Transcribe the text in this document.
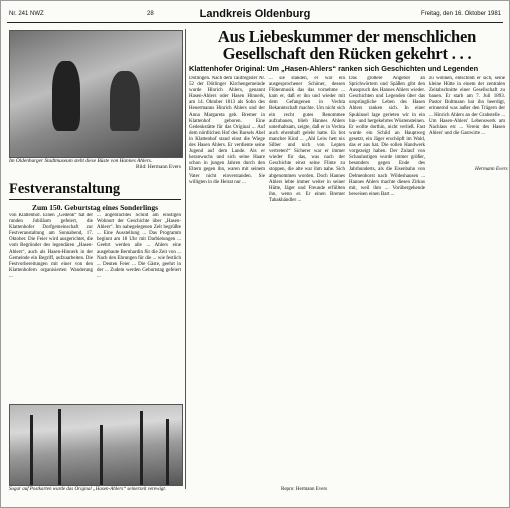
Nr. 241 NWZ	28	Landkreis Oldenburg	Freitag, den 16. Oktober 1981
Im Oldenburger Stadtmuseum steht diese Büste von Hannes Ahlers.
Bild: Hermann Evers
Aus Liebeskummer der menschlichen Gesellschaft den Rücken gekehrt . . .
Klattenhofer Original: Um „Hasen-Ahlers“ ranken sich Geschichten und Legenden
Festveranstaltung
Zum 150. Geburtstag eines Sonderlings
von Klattenhof. Einen „Gedenk“ hat der runden Jubiläum gefeiert, die Klattenhofer Dorfgemeinschaft zur Festveranstaltung am Sonnabend, 17. Oktober. Die Feier wird ausgerichtet, die vom Begründer des legendären „Hasen-Ahlers“, auch als Hasen-Hinnerk in der Gemeinde ein Begriff, aufzuarbeiten. Die Festvorbereitungen mit einer von den Klattenhofern organisierten Wanderung ...
... angebrachtes Schild am einstigen Wohnort der Geschichte über „Hasen-Ahlers“. Im nahegelegenen Zelt begrüßte ... Eine Ausstellung ... Das Programm beginnt am 18 Uhr mit Darbietungen ... Geehrt werden alle ... Ahlers eine ausgebaute Bernhardin für die Zeit von ... Nach den Ehrungen für die ... wie festlich ... Deuten Feier ... Die Gäste, geehrt in der ... Zudem werden Geburtstag gefeiert ...
Dötlingen. Nach dem Taufregister Nr. 52 der Dötlinger Kirchengemeinde wurde Hinrich Ahlers, genannt Hasen-Ahlers oder Hasen Hinnerk, am 14. Oktober 1813 als Sohn des Heuermanns Hinrich Ahlers und der Anna Margareta geb. Bremer in Klattenhof geboren. Eine Gedenkstätte für das Original ... Auf dem nördlichen Hof des Barsels Abel in Klattenhof stand einst die Wiege des Hasen Ahlers. Er verdiente seine Jugend auf dem Lande. Als er heranwuchs und sich seine Haare schon in jungen Jahren durch den Eltern gegen ihn, waren mit seinem Vater nicht einverstanden. Sie willigten in die Heirat nur ...
... sie standen, er war ein ausgesprochener Schöner, dessen Flötenmusik das das vornehme ... kam er, daß er ihn und wieder mit dem Gefangenen in Vechta Bekanntschaft machte. Um nicht sich ein recht gutes Renommee aufzubauen, blieb Hannes Ahlers unterhaltsam, zeigte, daß er in Vechta auch ehrenhaft gelebt hatte. Es bot mancher Kind ... „Ahl Leiw hett nix Silber und nich von Lepten vertreten!“ Sicherer war er immer wieder für das, was nach der Geschichte einst seine Flinte zu stoppen, die alte war ihm nahe. Sich abgenommen worden. Doch Hannes Ahlers lebte immer weiter in seiner Hütte, Jäger und Freunde erfüllten ihn, wenn er. Er einen Bremer Tabakhändler ...
Das größere Angebot an Sprichwörtern und Späßen gibt den Ausspruch des Hannes Ahlers wieder. Geschichten und Legenden über das ursprüngliche Leben des Hasen Ahlers ranken sich. In einer Spukinsel lage gerieten wir in ein hin- und hergekehrtes Wüstensteinen. Er wollte dorthin, nicht verließ. Fast wurde ein Schild an Hauptweg gesetzt, ein Jäger erschöpft im Wald, das er aus hat. Die sollen Handwerk vorgezeigt haben. Der Zulauf von Schaulustigen wurde immer größer, besonders gegen Ende des Jahrhunderts, als die Eisenbahn von Delmenhorst nach Wildeshausen ... Hannes Ahlers machte diesen Zirkus mit, weil ihm ... Vorübergehende beweisen einen Bart ...
zu wohnen, entschloß er sich, seine kleine Hütte in einem der zentralen Zeitabschnitte einer Gesellschaft zu bauen. Er starb am 7. Juli 1893. Pastor Bultmann hat ihn beerdigt, erinnernd was außer den Trägern der ... Hinrich Ahlers an der Grabstelle ... Um Hasen-Ahlers' Lebenswerk am Nachlass etc ... Verein des Hasen Ahlers' und die Gastwirte ...
Hermann Evers
Sogar auf Postkarten wurde das Original „Hasen-Ahlers“ seinerzeit verewigt.	Repro: Hermann Evers
